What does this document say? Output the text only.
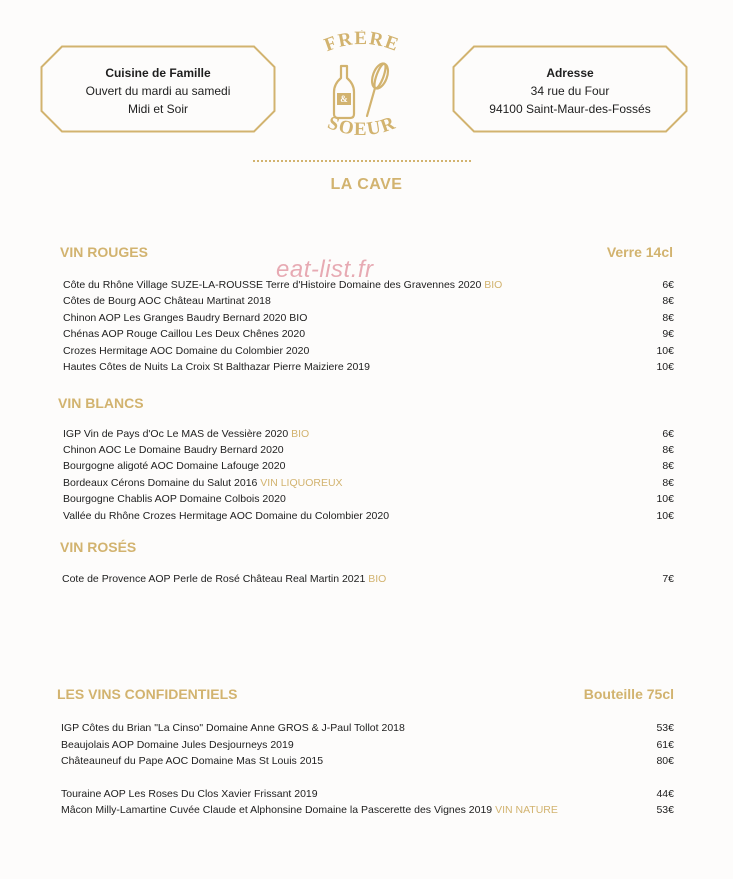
Cuisine de Famille
Ouvert du mardi au samedi
Midi et Soir
FRÈRE
SOEUR
&
Adresse
34 rue du Four
94100 Saint-Maur-des-Fossés
LA CAVE
eat-list.fr
VIN ROUGES	Verre 14cl
Côte du Rhône Village SUZE-LA-ROUSSE Terre d'Histoire Domaine des Gravennes 2020 BIO	6€
Côtes de Bourg AOC Château Martinat 2018	8€
Chinon AOP Les Granges Baudry Bernard 2020 BIO	8€
Chénas AOP Rouge Caillou Les Deux Chênes 2020	9€
Crozes Hermitage AOC Domaine du Colombier 2020	10€
Hautes Côtes de Nuits La Croix St Balthazar Pierre Maiziere 2019	10€
VIN BLANCS
IGP Vin de Pays d'Oc Le MAS de Vessière 2020 BIO	6€
Chinon AOC Le Domaine Baudry Bernard 2020	8€
Bourgogne aligoté AOC Domaine Lafouge 2020	8€
Bordeaux Cérons Domaine du Salut 2016 VIN LIQUOREUX	8€
Bourgogne Chablis AOP Domaine Colbois 2020	10€
Vallée du Rhône Crozes Hermitage AOC Domaine du Colombier 2020	10€
VIN ROSÉS
Cote de Provence AOP Perle de Rosé Château Real Martin 2021 BIO	7€
LES VINS CONFIDENTIELS	Bouteille 75cl
IGP Côtes du Brian "La Cinso" Domaine Anne GROS & J-Paul Tollot 2018	53€
Beaujolais AOP Domaine Jules Desjourneys 2019	61€
Châteauneuf du Pape AOC Domaine Mas St Louis 2015	80€
Touraine AOP Les Roses Du Clos Xavier Frissant 2019	44€
Mâcon Milly-Lamartine Cuvée Claude et Alphonsine Domaine la Pascerette des Vignes 2019 VIN NATURE	53€
